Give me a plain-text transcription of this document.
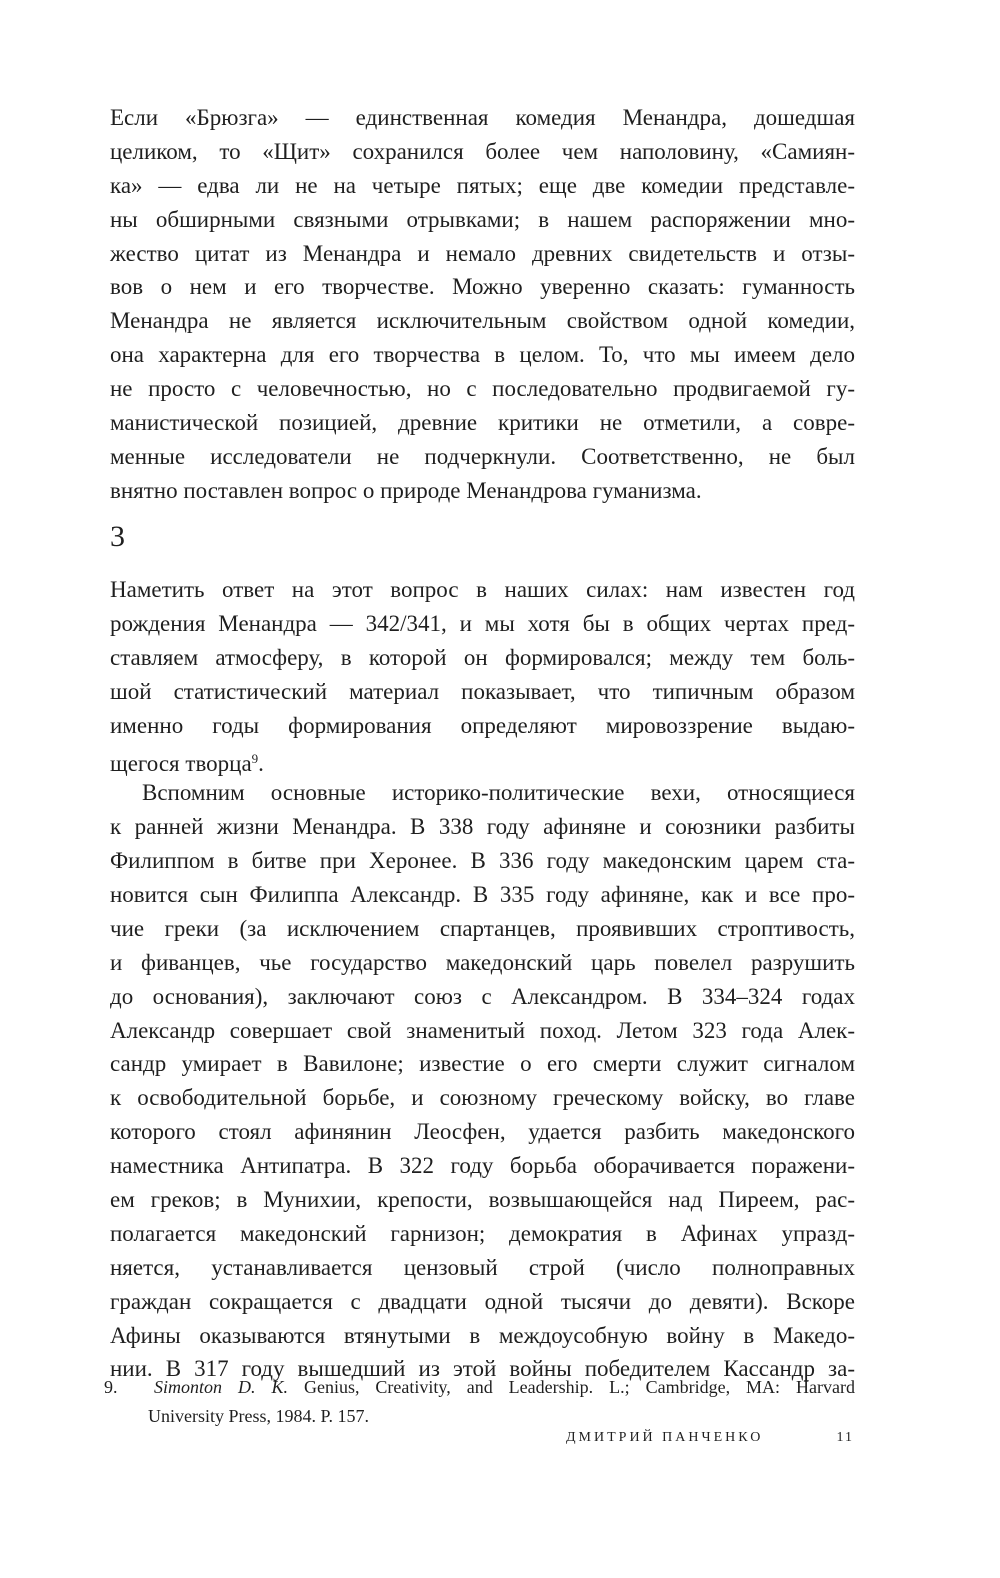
Если «Брюзга» — единственная комедия Менандра, дошедшая
целиком, то «Щит» сохранился более чем наполовину, «Самиян-
ка» — едва ли не на четыре пятых; еще две комедии представле-
ны обширными связными отрывками; в нашем распоряжении мно-
жество цитат из Менандра и немало древних свидетельств и отзы-
вов о нем и его творчестве. Можно уверенно сказать: гуманность
Менандра не является исключительным свойством одной комедии,
она характерна для его творчества в целом. То, что мы имеем дело
не просто с человечностью, но с последовательно продвигаемой гу-
манистической позицией, древние критики не отметили, а совре-
менные исследователи не подчеркнули. Соответственно, не был
внятно поставлен вопрос о природе Менандрова гуманизма.
3
Наметить ответ на этот вопрос в наших силах: нам известен год
рождения Менандра — 342/341, и мы хотя бы в общих чертах пред-
ставляем атмосферу, в которой он формировался; между тем боль-
шой статистический материал показывает, что типичным образом
именно годы формирования определяют мировоззрение выдаю-
щегося творца$^9$.
Вспомним основные историко-политические вехи, относящиеся
к ранней жизни Менандра. В 338 году афиняне и союзники разбиты
Филиппом в битве при Херонее. В 336 году македонским царем ста-
новится сын Филиппа Александр. В 335 году афиняне, как и все про-
чие греки (за исключением спартанцев, проявивших строптивость,
и фиванцев, чье государство македонский царь повелел разрушить
до основания), заключают союз с Александром. В 334–324 годах
Александр совершает свой знаменитый поход. Летом 323 года Алек-
сандр умирает в Вавилоне; известие о его смерти служит сигналом
к освободительной борьбе, и союзному греческому войску, во главе
которого стоял афинянин Леосфен, удается разбить македонского
наместника Антипатра. В 322 году борьба оборачивается поражени-
ем греков; в Мунихии, крепости, возвышающейся над Пиреем, рас-
полагается македонский гарнизон; демократия в Афинах упразд-
няется, устанавливается цензовый строй (число полноправных
граждан сокращается с двадцати одной тысячи до девяти). Вскоре
Афины оказываются втянутыми в междоусобную войну в Македо-
нии. В 317 году вышедший из этой войны победителем Кассандр за-
9. Simonton D. K. Genius, Creativity, and Leadership. L.; Cambridge, MA: Harvard
University Press, 1984. P. 157.
ДМИТРИЙ ПАНЧЕНКО	11
